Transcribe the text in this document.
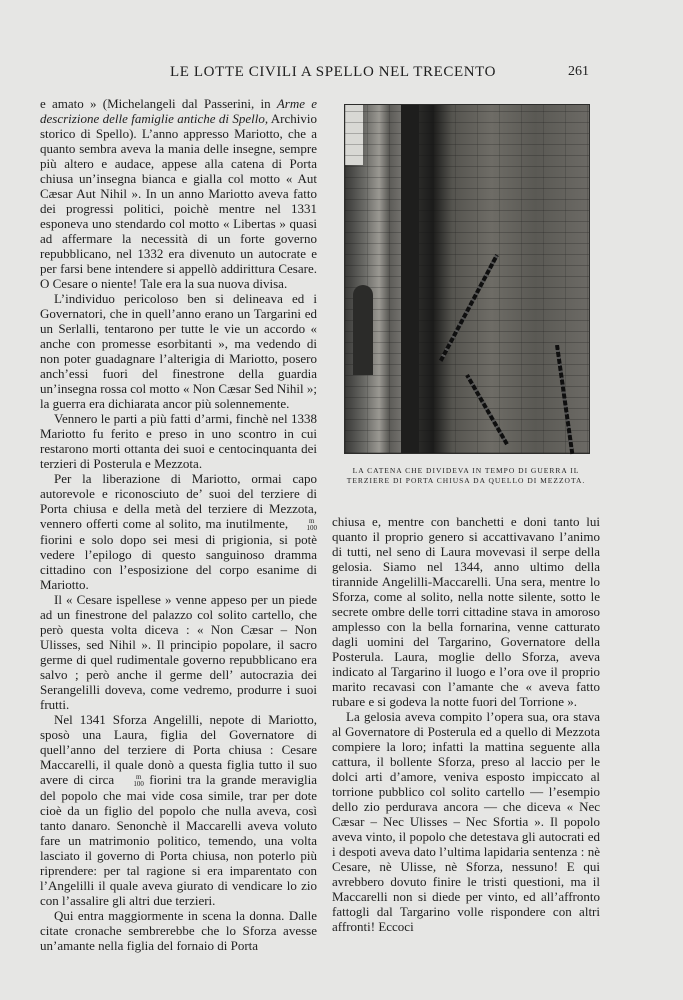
LE LOTTE CIVILI A SPELLO NEL TRECENTO	261

e amato » (Michelangeli dal Passerini, in Arme e descrizione delle famiglie antiche di Spello, Archivio storico di Spello). L’anno appresso Mariotto, che a quanto sembra aveva la mania delle insegne, sempre più altero e audace, appese alla catena di Porta chiusa un’insegna bianca e gialla col motto « Aut Cæsar Aut Nihil ». In un anno Mariotto aveva fatto dei progressi politici, poichè mentre nel 1331 esponeva uno stendardo col motto « Libertas » quasi ad affermare la necessità di un forte governo repubblicano, nel 1332 era divenuto un autocrate e per farsi bene intendere si appellò addirittura Cesare. O Cesare o niente! Tale era la sua nuova divisa.

L’individuo pericoloso ben si delineava ed i Governatori, che in quell’anno erano un Targarini ed un Serlalli, tentarono per tutte le vie un accordo « anche con promesse esorbitanti », ma vedendo di non poter guadagnare l’alterigia di Mariotto, posero anch’essi fuori del finestrone della guardia un’insegna rossa col motto « Non Cæsar Sed Nihil »; la guerra era dichiarata ancor più solennemente.

Vennero le parti a più fatti d’armi, finchè nel 1338 Mariotto fu ferito e preso in uno scontro in cui restarono morti ottanta dei suoi e centocinquanta dei terzieri di Posterula e Mezzota.

Per la liberazione di Mariotto, ormai capo autorevole e riconosciuto de’ suoi del terziere di Porta chiusa e della metà del terziere di Mezzota, vennero offerti come al solito, ma inutilmente,	m
100
fiorini e solo dopo sei mesi di prigionia, si potè vedere l’epilogo di questo sanguinoso dramma cittadino con l’esposizione del corpo esanime di Mariotto.

Il « Cesare ispellese » venne appeso per un piede ad un finestrone del palazzo col solito cartello, che però questa volta diceva : « Non Cæsar – Non Ulisses, sed Nihil ». Il principio popolare, il sacro germe di quel rudimentale governo repubblicano era salvo ; però anche il germe dell’ autocrazia dei Serangelilli doveva, come vedremo, produrre i suoi frutti.

Nel 1341 Sforza Angelilli, nepote di Mariotto, sposò una Laura, figlia del Governatore di quell’anno del terziere di Porta chiusa : Cesare Maccarelli, il quale donò a questa figlia tutto il suo avere di circa	m
100 fiorini tra la grande meraviglia del popolo che mai vide cosa simile, trar per dote cioè da un figlio del popolo che nulla aveva, così tanto danaro. Senonchè il Maccarelli aveva voluto fare un matrimonio politico, temendo, una volta lasciato il governo di Porta chiusa, non poterlo più riprendere: per tal ragione si era imparentato con l’Angelilli il quale aveva giurato di vendicare lo zio con l’assalire gli altri due terzieri.

Qui entra maggiormente in scena la donna. Dalle citate cronache sembrerebbe che lo Sforza avesse un’amante nella figlia del fornaio di Porta

LA CATENA CHE DIVIDEVA IN TEMPO DI GUERRA IL TERZIERE DI PORTA CHIUSA DA QUELLO DI MEZZOTA.

chiusa e, mentre con banchetti e doni tanto lui quanto il proprio genero si accattivavano l’animo di tutti, nel seno di Laura movevasi il serpe della gelosia. Siamo nel 1344, anno ultimo della tirannide Angelilli-Maccarelli. Una sera, mentre lo Sforza, come al solito, nella notte silente, sotto le secrete ombre delle torri cittadine stava in amoroso amplesso con la bella fornarina, venne catturato dagli uomini del Targarino, Governatore della Posterula. Laura, moglie dello Sforza, aveva indicato al Targarino il luogo e l’ora ove il proprio marito recavasi con l’amante che « aveva fatto rubare e si godeva la notte fuori del Torrione ».

La gelosia aveva compito l’opera sua, ora stava al Governatore di Posterula ed a quello di Mezzota compiere la loro; infatti la mattina seguente alla cattura, il bollente Sforza, preso al laccio per le dolci arti d’amore, veniva esposto impiccato al torrione pubblico col solito cartello — l’esempio dello zio perdurava ancora — che diceva « Nec Cæsar – Nec Ulisses – Nec Sfortia ». Il popolo aveva vinto, il popolo che detestava gli autocrati ed i despoti aveva dato l’ultima lapidaria sentenza : nè Cesare, nè Ulisse, nè Sforza, nessuno! E qui avrebbero dovuto finire le tristi questioni, ma il Maccarelli non si diede per vinto, ed all’affronto fattogli dal Targarino volle rispondere con altri affronti! Eccoci
